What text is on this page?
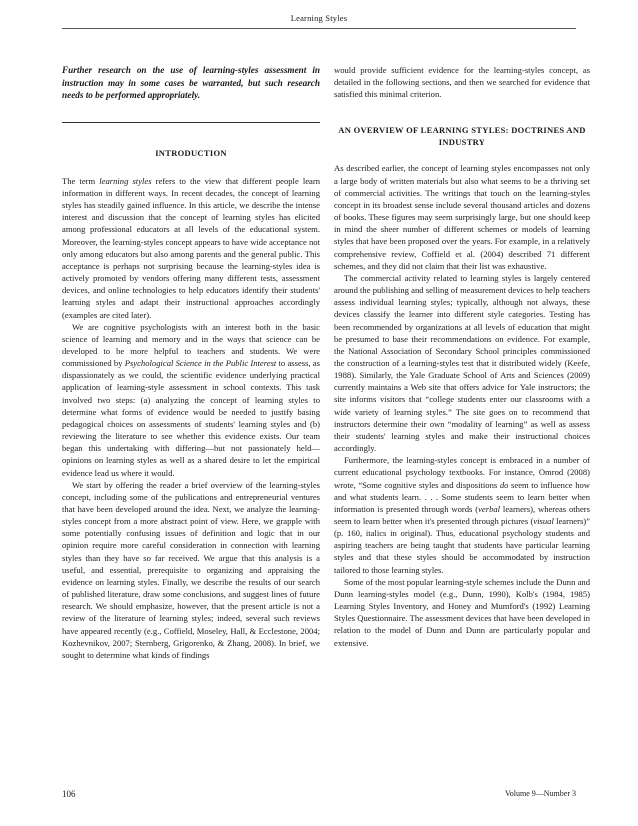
Learning Styles

Further research on the use of learning-styles assessment in instruction may in some cases be warranted, but such research needs to be performed appropriately.

INTRODUCTION

The term learning styles refers to the view that different people learn information in different ways. In recent decades, the concept of learning styles has steadily gained influence. In this article, we describe the intense interest and discussion that the concept of learning styles has elicited among professional educators at all levels of the educational system. Moreover, the learning-styles concept appears to have wide acceptance not only among educators but also among parents and the general public. This acceptance is perhaps not surprising because the learning-styles idea is actively promoted by vendors offering many different tests, assessment devices, and online technologies to help educators identify their students' learning styles and adapt their instructional approaches accordingly (examples are cited later).

We are cognitive psychologists with an interest both in the basic science of learning and memory and in the ways that science can be developed to be more helpful to teachers and students. We were commissioned by Psychological Science in the Public Interest to assess, as dispassionately as we could, the scientific evidence underlying practical application of learning-style assessment in school contexts. This task involved two steps: (a) analyzing the concept of learning styles to determine what forms of evidence would be needed to justify basing pedagogical choices on assessments of students' learning styles and (b) reviewing the literature to see whether this evidence exists. Our team began this undertaking with differing—but not passionately held—opinions on learning styles as well as a shared desire to let the empirical evidence lead us where it would.

We start by offering the reader a brief overview of the learning-styles concept, including some of the publications and entrepreneurial ventures that have been developed around the idea. Next, we analyze the learning-styles concept from a more abstract point of view. Here, we grapple with some potentially confusing issues of definition and logic that in our opinion require more careful consideration in connection with learning styles than they have so far received. We argue that this analysis is a useful, and essential, prerequisite to organizing and appraising the evidence on learning styles. Finally, we describe the results of our search of published literature, draw some conclusions, and suggest lines of future research. We should emphasize, however, that the present article is not a review of the literature of learning styles; indeed, several such reviews have appeared recently (e.g., Coffield, Moseley, Hall, & Ecclestone, 2004; Kozhevnikov, 2007; Sternberg, Grigorenko, & Zhang, 2008). In brief, we sought to determine what kinds of findings

would provide sufficient evidence for the learning-styles concept, as detailed in the following sections, and then we searched for evidence that satisfied this minimal criterion.

AN OVERVIEW OF LEARNING STYLES: DOCTRINES AND INDUSTRY

As described earlier, the concept of learning styles encompasses not only a large body of written materials but also what seems to be a thriving set of commercial activities. The writings that touch on the learning-styles concept in its broadest sense include several thousand articles and dozens of books. These figures may seem surprisingly large, but one should keep in mind the sheer number of different schemes or models of learning styles that have been proposed over the years. For example, in a relatively comprehensive review, Coffield et al. (2004) described 71 different schemes, and they did not claim that their list was exhaustive.

The commercial activity related to learning styles is largely centered around the publishing and selling of measurement devices to help teachers assess individual learning styles; typically, although not always, these devices classify the learner into different style categories. Testing has been recommended by organizations at all levels of education that might be presumed to base their recommendations on evidence. For example, the National Association of Secondary School principles commissioned the construction of a learning-styles test that it distributed widely (Keefe, 1988). Similarly, the Yale Graduate School of Arts and Sciences (2009) currently maintains a Web site that offers advice for Yale instructors; the site informs visitors that “college students enter our classrooms with a wide variety of learning styles.” The site goes on to recommend that instructors determine their own “modality of learning” as well as assess their students' learning styles and make their instructional choices accordingly.

Furthermore, the learning-styles concept is embraced in a number of current educational psychology textbooks. For instance, Omrod (2008) wrote, “Some cognitive styles and dispositions do seem to influence how and what students learn. . . . Some students seem to learn better when information is presented through words (verbal learners), whereas others seem to learn better when it's presented through pictures (visual learners)” (p. 160, italics in original). Thus, educational psychology students and aspiring teachers are being taught that students have particular learning styles and that these styles should be accommodated by instruction tailored to those learning styles.

Some of the most popular learning-style schemes include the Dunn and Dunn learning-styles model (e.g., Dunn, 1990), Kolb's (1984, 1985) Learning Styles Inventory, and Honey and Mumford's (1992) Learning Styles Questionnaire. The assessment devices that have been developed in relation to the model of Dunn and Dunn are particularly popular and extensive.

106	Volume 9—Number 3
